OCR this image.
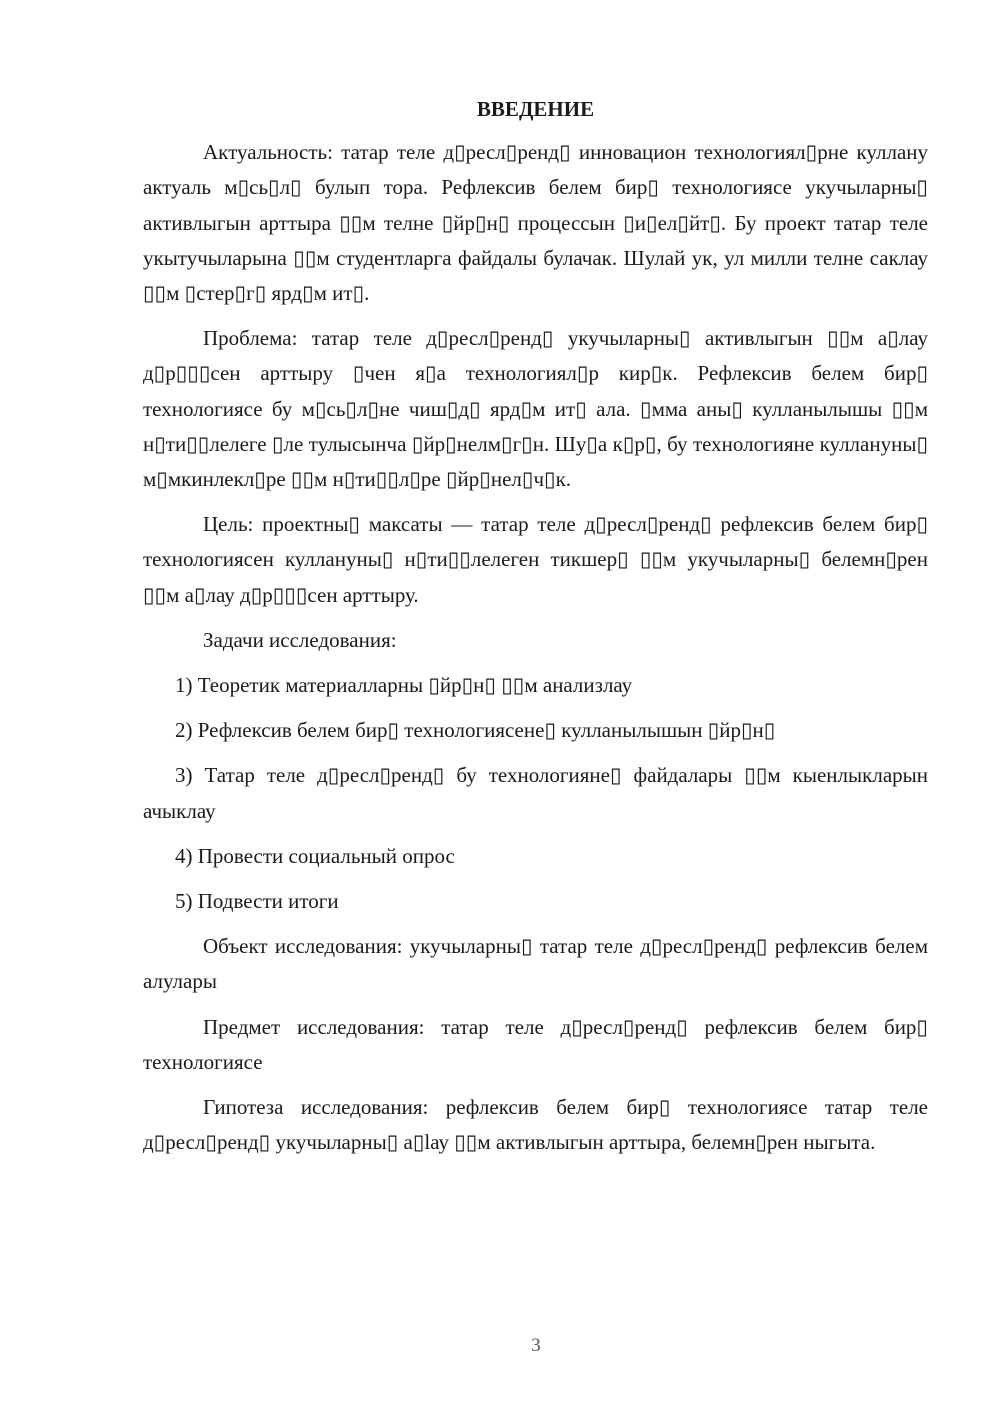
ВВЕДЕНИЕ

Актуальность: татар теле д▯ресл▯ренд▯ инновацион технологиял▯рне куллану актуаль м▯сь▯л▯ булып тора. Рефлексив белем бир▯ технологиясе укучыларны▯ активлыгын арттыра ▯▯м телне ▯йр▯н▯ процессын ▯и▯ел▯йт▯. Бу проект татар теле укытучыларына ▯▯м студентларга файдалы булачак. Шулай ук, ул милли телне саклау ▯▯м ▯стер▯г▯ ярд▯м ит▯.

Проблема: татар теле д▯ресл▯ренд▯ укучыларны▯ активлыгын ▯▯м а▯лау д▯р▯▯▯сен арттыру ▯чен я▯а технологиял▯р кир▯к. Рефлексив белем бир▯ технологиясе бу м▯сь▯л▯не чиш▯д▯ ярд▯м ит▯ ала. ▯мма аны▯ кулланылышы ▯▯м н▯ти▯▯лелеге ▯ле тулысынча ▯йр▯нелм▯г▯н. Шу▯а к▯р▯, бу технологияне куллануны▯ м▯мкинлекл▯ре ▯▯м н▯ти▯▯л▯ре ▯йр▯нел▯ч▯к.

Цель: проектны▯ максаты — татар теле д▯ресл▯ренд▯ рефлексив белем бир▯ технологиясен куллануны▯ н▯ти▯▯лелеген тикшер▯ ▯▯м укучыларны▯ белемн▯рен ▯▯м а▯лау д▯р▯▯▯сен арттыру.

Задачи исследования:

1) Теоретик материалларны ▯йр▯н▯ ▯▯м анализлау

2) Рефлексив белем бир▯ технологиясене▯ кулланылышын ▯йр▯н▯

3) Татар теле д▯ресл▯ренд▯ бу технологияне▯ файдалары ▯▯м кыенлыкларын ачыклау

4) Провести социальный опрос

5) Подвести итоги

Объект исследования: укучыларны▯ татар теле д▯ресл▯ренд▯ рефлексив белем алулары

Предмет исследования: татар теле д▯ресл▯ренд▯ рефлексив белем бир▯ технологиясе

Гипотеза исследования: рефлексив белем бир▯ технологиясе татар теле д▯ресл▯ренд▯ укучыларны▯ а▯lау ▯▯м активлыгын арттыра, белемн▯рен ныгыта.

3
